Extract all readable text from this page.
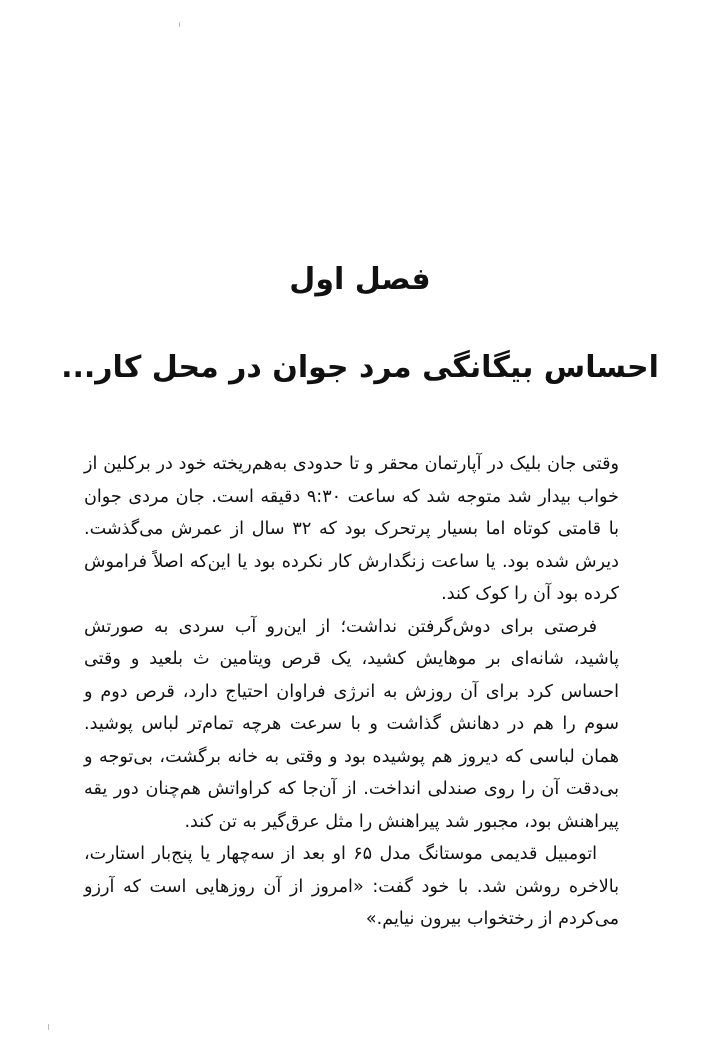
فصل اول
احساس بیگانگی مرد جوان در محل کار...

وقتی جان بلیک در آپارتمان محقر و تا حدودی به‌هم‌ریخته خود در برکلین از خواب بیدار شد متوجه شد که ساعت ۹:۳۰ دقیقه است. جان مردی جوان با قامتی کوتاه اما بسیار پرتحرک بود که ۳۲ سال از عمرش می‌گذشت. دیرش شده بود. یا ساعت زنگدارش کار نکرده بود یا این‌که اصلاً فراموش کرده بود آن را کوک کند.

فرصتی برای دوش‌گرفتن نداشت؛ از این‌رو آب سردی به صورتش پاشید، شانه‌ای بر موهایش کشید، یک قرص ویتامین ث بلعید و وقتی احساس کرد برای آن روزش به انرژی فراوان احتیاج دارد، قرص دوم و سوم را هم در دهانش گذاشت و با سرعت هرچه تمام‌تر لباس پوشید. همان لباسی که دیروز هم پوشیده بود و وقتی به خانه برگشت، بی‌توجه و بی‌دقت آن را روی صندلی انداخت. از آن‌جا که کراواتش هم‌چنان دور یقه پیراهنش بود، مجبور شد پیراهنش را مثل عرق‌گیر به تن کند.

اتومبیل قدیمی موستانگ مدل ۶۵ او بعد از سه‌چهار یا پنج‌بار استارت، بالاخره روشن شد. با خود گفت: «امروز از آن روزهایی است که آرزو می‌کردم از رختخواب بیرون نیایم.»
